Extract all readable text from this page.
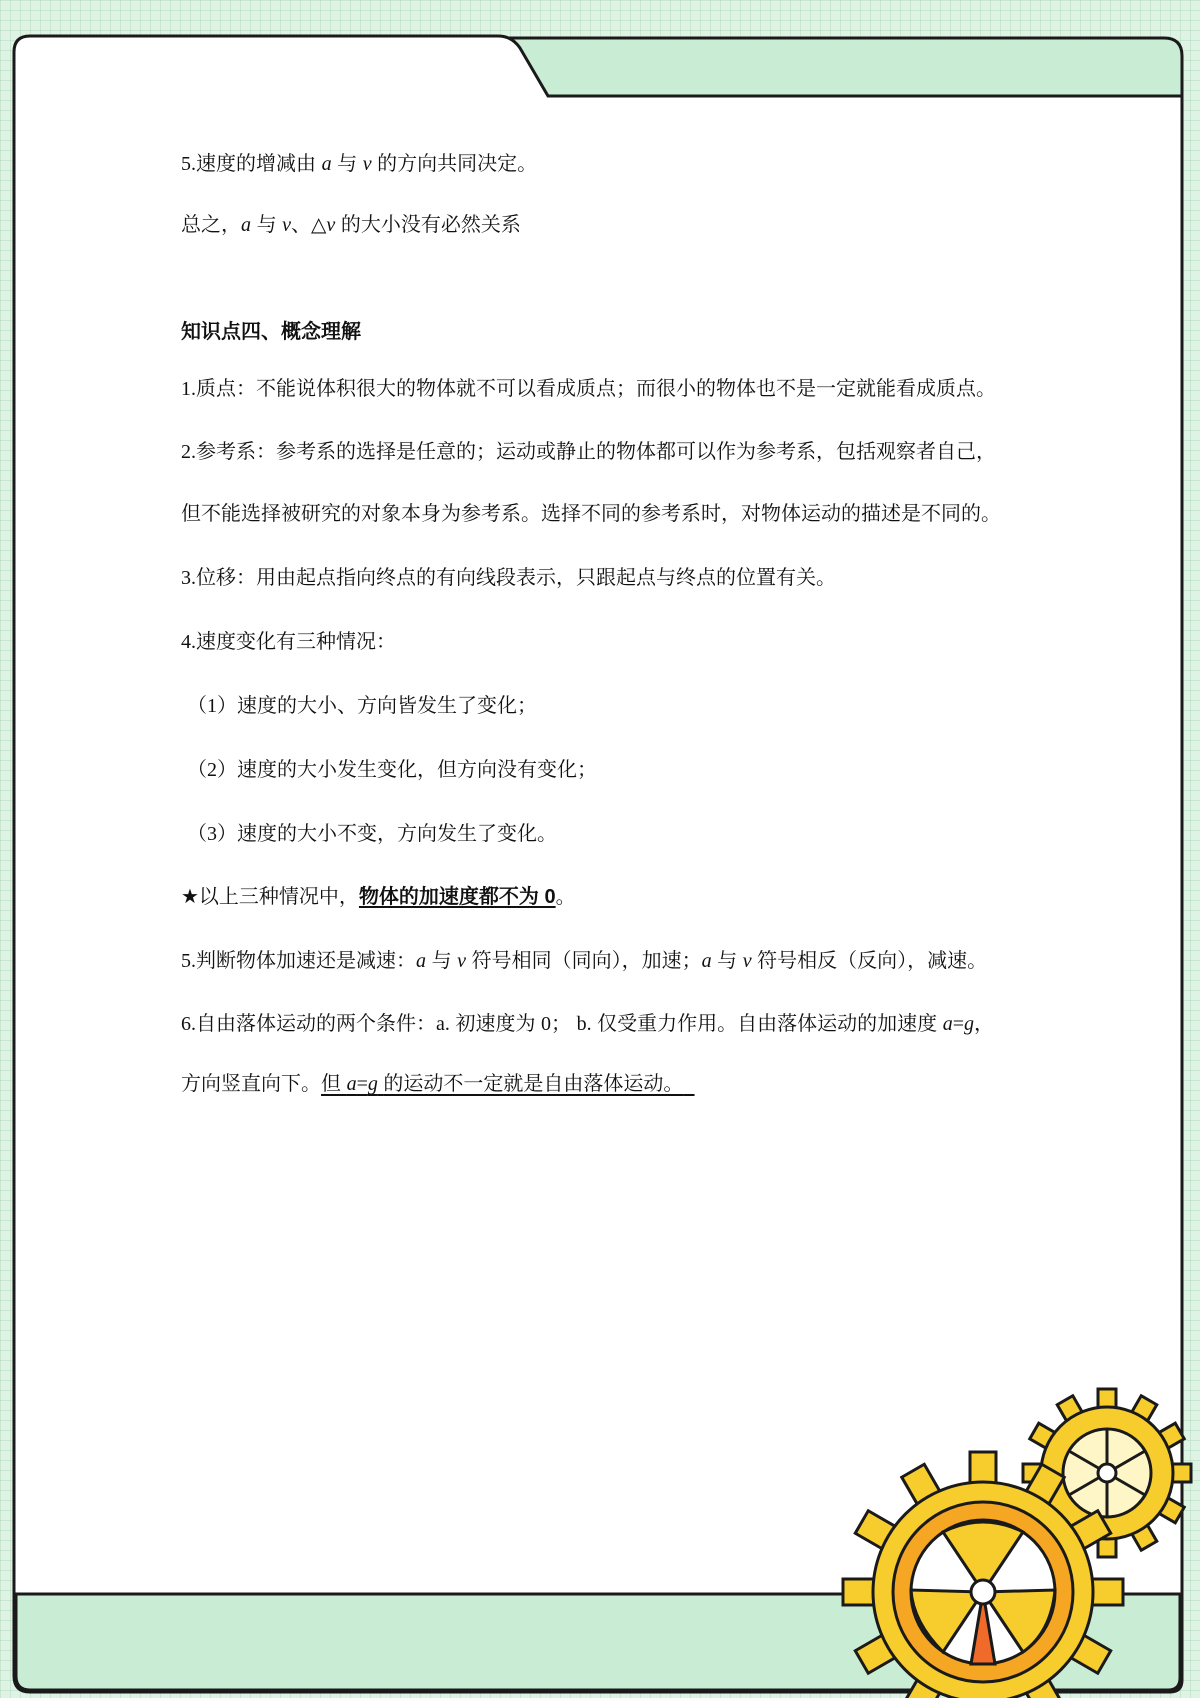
5.速度的增减由 a 与 v 的方向共同决定。
总之，a 与 v、△v 的大小没有必然关系
知识点四、概念理解
1.质点：不能说体积很大的物体就不可以看成质点；而很小的物体也不是一定就能看成质点。
2.参考系：参考系的选择是任意的；运动或静止的物体都可以作为参考系，包括观察者自己，
但不能选择被研究的对象本身为参考系。选择不同的参考系时，对物体运动的描述是不同的。
3.位移：用由起点指向终点的有向线段表示，只跟起点与终点的位置有关。
4.速度变化有三种情况：
（1）速度的大小、方向皆发生了变化；
（2）速度的大小发生变化，但方向没有变化；
（3）速度的大小不变，方向发生了变化。
★以上三种情况中，物体的加速度都不为 0。
5.判断物体加速还是减速：a 与 v 符号相同（同向），加速；a 与 v 符号相反（反向），减速。
6.自由落体运动的两个条件：a. 初速度为 0； b. 仅受重力作用。自由落体运动的加速度 a=g，
方向竖直向下。但 a=g 的运动不一定就是自由落体运动。
